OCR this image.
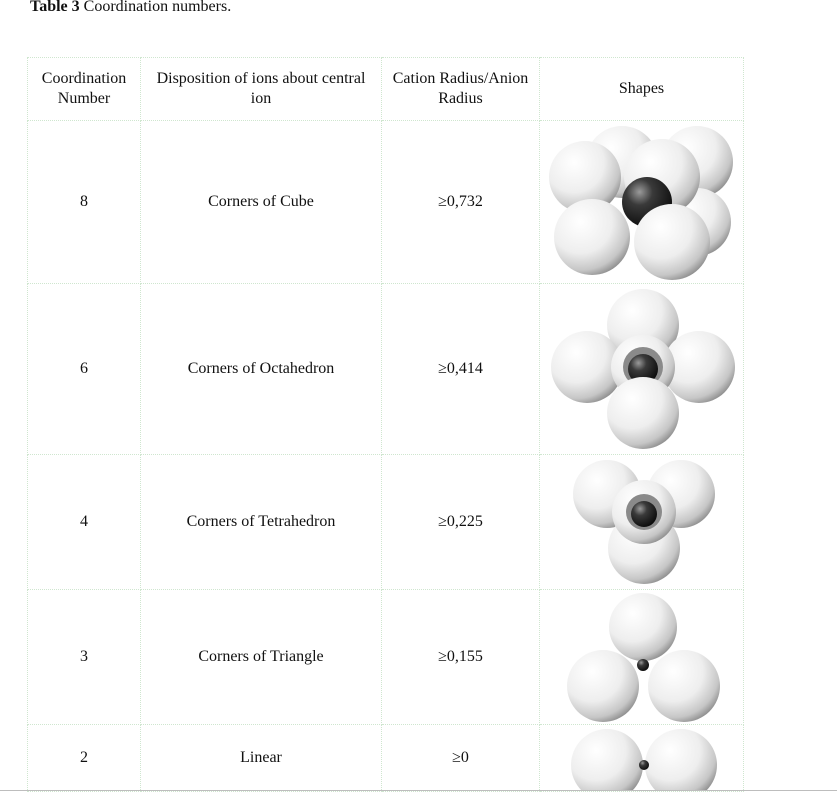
Table 3 Coordination numbers.
Coordination Number	Disposition of ions about central ion	Cation Radius/Anion Radius	Shapes
8	Corners of Cube	≥0,732	

6	Corners of Octahedron	≥0,414	

4	Corners of Tetrahedron	≥0,225	

3	Corners of Triangle	≥0,155	

2	Linear	≥0	
